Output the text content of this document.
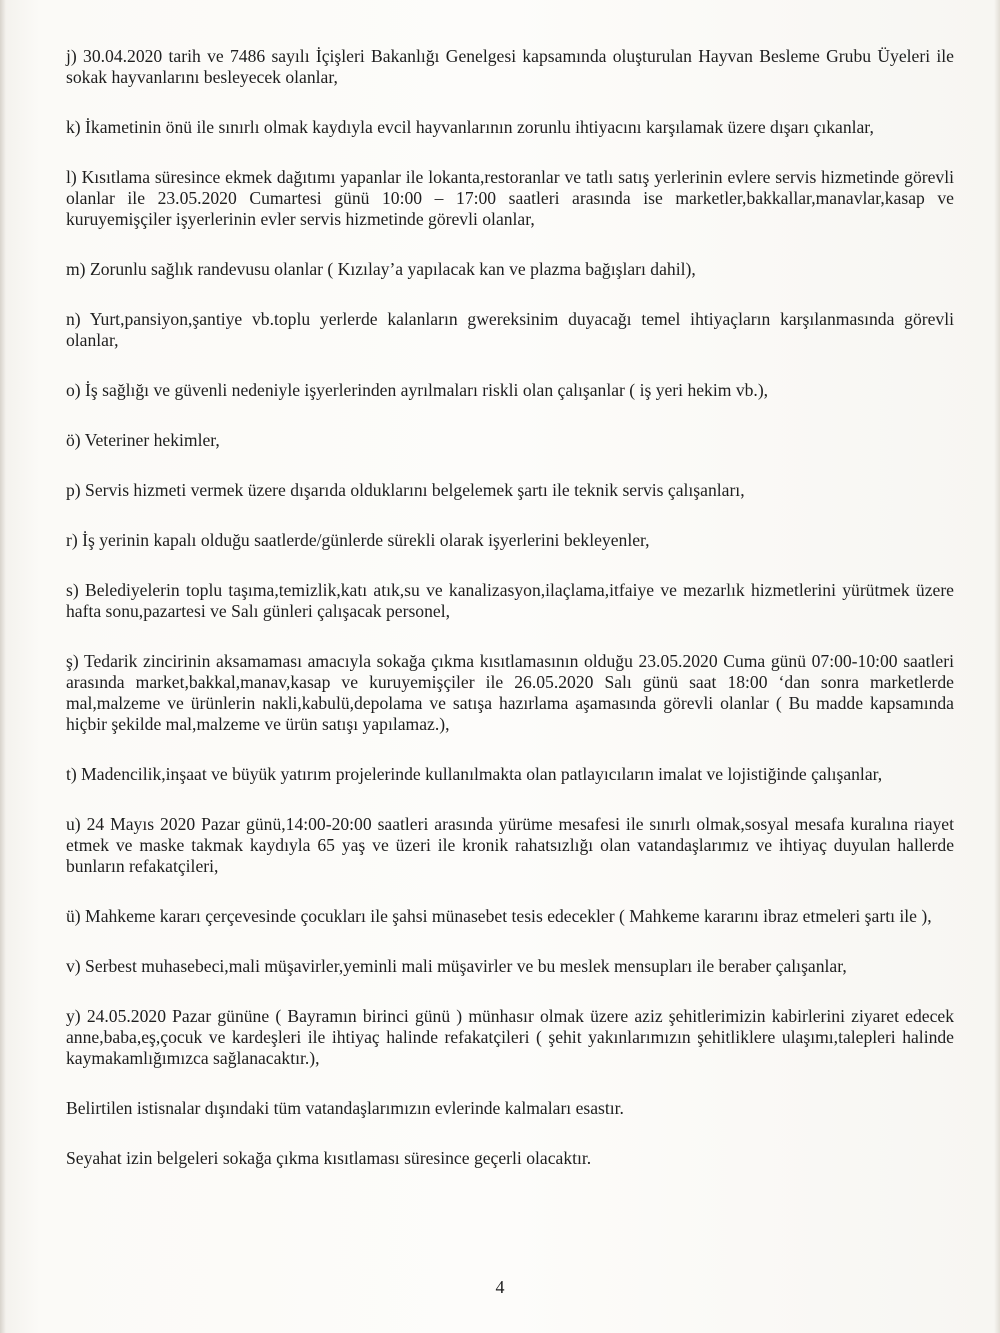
j) 30.04.2020 tarih ve 7486 sayılı İçişleri Bakanlığı Genelgesi kapsamında oluşturulan Hayvan Besleme Grubu Üyeleri ile sokak hayvanlarını besleyecek olanlar,

k) İkametinin önü ile sınırlı olmak kaydıyla evcil hayvanlarının zorunlu ihtiyacını karşılamak üzere dışarı çıkanlar,

l) Kısıtlama süresince ekmek dağıtımı yapanlar ile lokanta,restoranlar ve tatlı satış yerlerinin evlere servis hizmetinde görevli olanlar ile 23.05.2020 Cumartesi günü 10:00 – 17:00 saatleri arasında ise marketler,bakkallar,manavlar,kasap ve kuruyemişçiler işyerlerinin evler servis hizmetinde görevli olanlar,

m) Zorunlu sağlık randevusu olanlar ( Kızılay’a yapılacak kan ve plazma bağışları dahil),

n) Yurt,pansiyon,şantiye vb.toplu yerlerde kalanların gwereksinim duyacağı temel ihtiyaçların karşılanmasında görevli olanlar,

o) İş sağlığı ve güvenli nedeniyle işyerlerinden ayrılmaları riskli olan çalışanlar ( iş yeri hekim vb.),

ö) Veteriner hekimler,

p) Servis hizmeti vermek üzere dışarıda olduklarını belgelemek şartı ile teknik servis çalışanları,

r) İş yerinin kapalı olduğu saatlerde/günlerde sürekli olarak işyerlerini bekleyenler,

s) Belediyelerin toplu taşıma,temizlik,katı atık,su ve kanalizasyon,ilaçlama,itfaiye ve mezarlık hizmetlerini yürütmek üzere hafta sonu,pazartesi ve Salı günleri çalışacak personel,

ş) Tedarik zincirinin aksamaması amacıyla sokağa çıkma kısıtlamasının olduğu 23.05.2020 Cuma günü 07:00-10:00 saatleri arasında market,bakkal,manav,kasap ve kuruyemişçiler ile 26.05.2020 Salı günü saat 18:00 ‘dan sonra marketlerde mal,malzeme ve ürünlerin nakli,kabulü,depolama ve satışa hazırlama aşamasında görevli olanlar ( Bu madde kapsamında hiçbir şekilde mal,malzeme ve ürün satışı yapılamaz.),

t) Madencilik,inşaat ve büyük yatırım projelerinde kullanılmakta olan patlayıcıların imalat ve lojistiğinde çalışanlar,

u) 24 Mayıs 2020 Pazar günü,14:00-20:00 saatleri arasında yürüme mesafesi ile sınırlı olmak,sosyal mesafa kuralına riayet etmek ve maske takmak kaydıyla 65 yaş ve üzeri ile kronik rahatsızlığı olan vatandaşlarımız ve ihtiyaç duyulan hallerde bunların refakatçileri,

ü) Mahkeme kararı çerçevesinde çocukları ile şahsi münasebet tesis edecekler ( Mahkeme kararını ibraz etmeleri şartı ile ),

v) Serbest muhasebeci,mali müşavirler,yeminli mali müşavirler ve bu meslek mensupları ile beraber çalışanlar,

y) 24.05.2020 Pazar gününe ( Bayramın birinci günü ) münhasır olmak üzere aziz şehitlerimizin kabirlerini ziyaret edecek anne,baba,eş,çocuk ve kardeşleri ile ihtiyaç halinde refakatçileri ( şehit yakınlarımızın şehitliklere ulaşımı,talepleri halinde kaymakamlığımızca sağlanacaktır.),

Belirtilen istisnalar dışındaki tüm vatandaşlarımızın evlerinde kalmaları esastır.

Seyahat izin belgeleri sokağa çıkma kısıtlaması süresince geçerli olacaktır.

4
